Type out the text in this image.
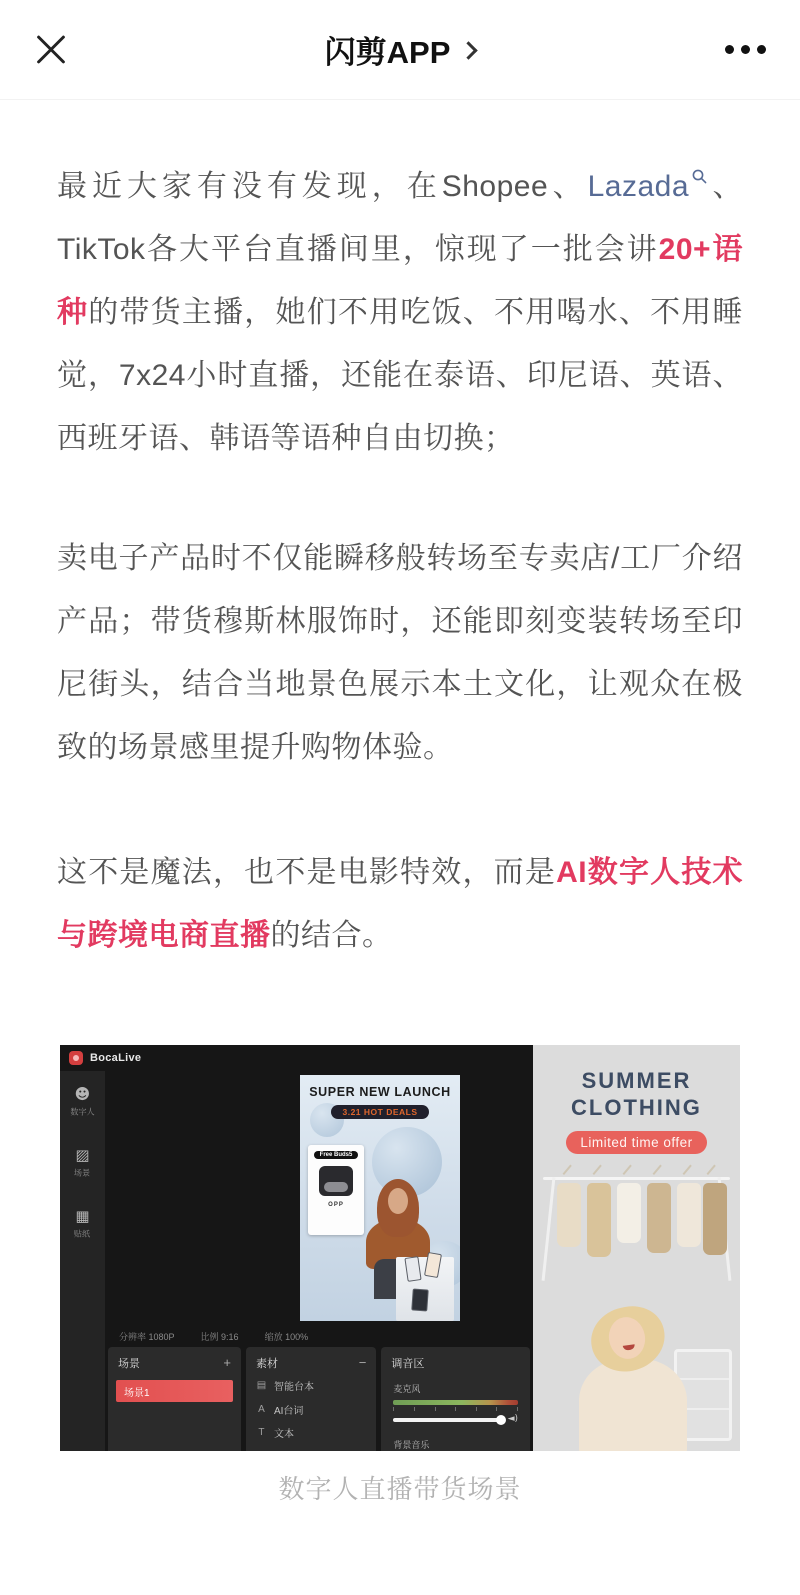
闪剪APP

最近大家有没有发现，在Shopee、Lazada 、TikTok各大平台直播间里，惊现了一批会讲20+语种的带货主播，她们不用吃饭、不用喝水、不用睡觉，7x24小时直播，还能在泰语、印尼语、英语、西班牙语、韩语等语种自由切换；

卖电子产品时不仅能瞬移般转场至专卖店/工厂介绍产品；带货穆斯林服饰时，还能即刻变装转场至印尼街头，结合当地景色展示本土文化，让观众在极致的场景感里提升购物体验。

这不是魔法，也不是电影特效，而是AI数字人技术与跨境电商直播的结合。

BocaLive
☻
数字人
▨
场景
▦
贴纸
SUPER NEW LAUNCH
3.21 HOT DEALS
Free Buds5
OPP
分辨率 1080P	比例 9:16	缩放 100%
场景	+
场景1
素材	−
▤ 智能台本
A AI台词
T 文本
调音区
麦克风
◄)
背景音乐
SUMMER
CLOTHING
Limited time offer
数字人直播带货场景
